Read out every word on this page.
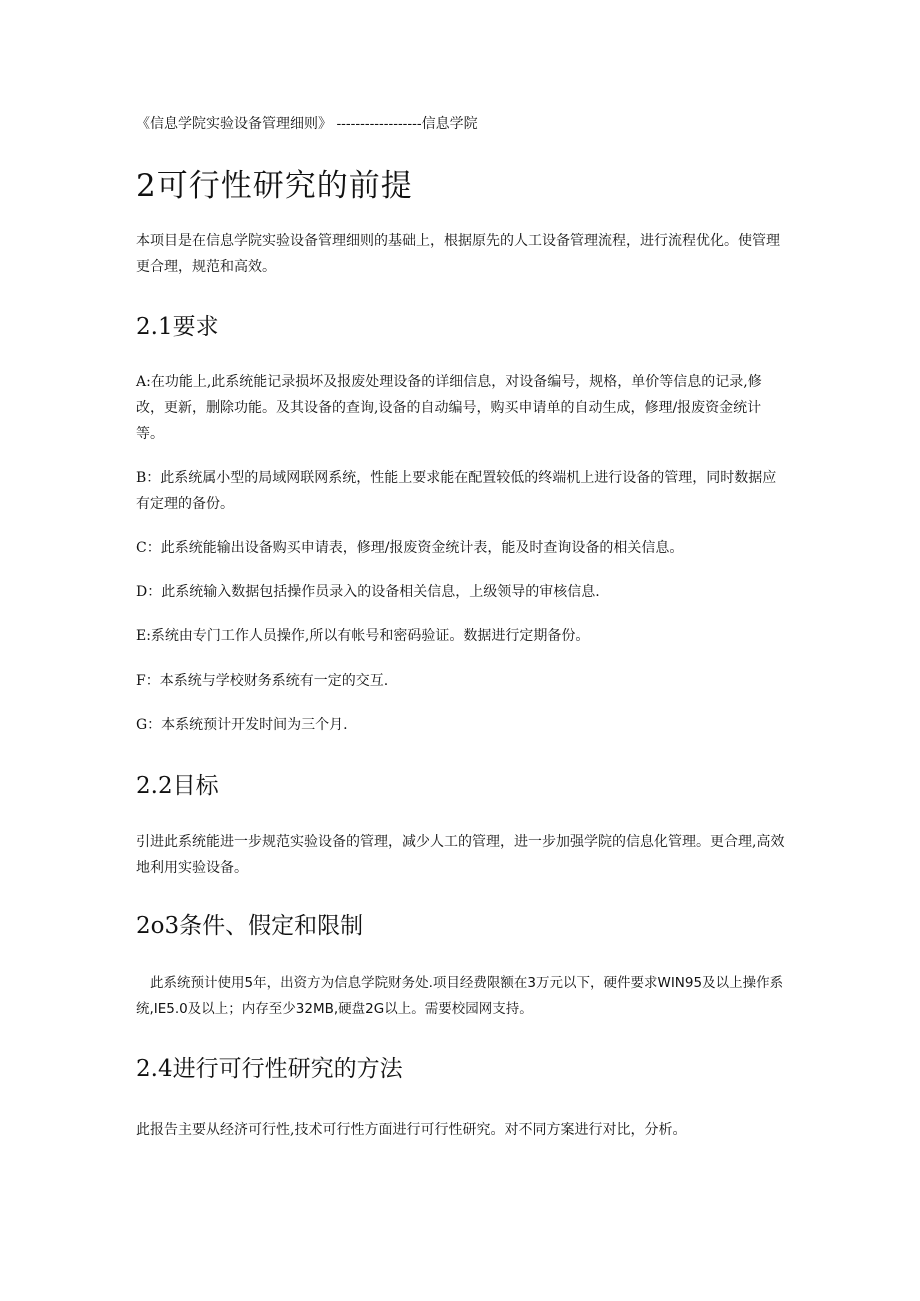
《信息学院实验设备管理细则》 ------------------信息学院

2可行性研究的前提

本项目是在信息学院实验设备管理细则的基础上，根据原先的人工设备管理流程，进行流程优化。使管理更合理，规范和高效。

2.1要求

A:在功能上,此系统能记录损坏及报废处理设备的详细信息，对设备编号，规格，单价等信息的记录,修改，更新，删除功能。及其设备的查询,设备的自动编号，购买申请单的自动生成，修理/报废资金统计等。

B：此系统属小型的局域网联网系统，性能上要求能在配置较低的终端机上进行设备的管理，同时数据应有定理的备份。

C：此系统能输出设备购买申请表，修理/报废资金统计表，能及时查询设备的相关信息。

D：此系统输入数据包括操作员录入的设备相关信息，上级领导的审核信息.

E:系统由专门工作人员操作,所以有帐号和密码验证。数据进行定期备份。

F：本系统与学校财务系统有一定的交互.

G：本系统预计开发时间为三个月.

2.2目标

引进此系统能进一步规范实验设备的管理，减少人工的管理，进一步加强学院的信息化管理。更合理,高效地利用实验设备。

2o3条件、假定和限制

此系统预计使用5年，出资方为信息学院财务处.项目经费限额在3万元以下，硬件要求WIN95及以上操作系统,IE5.0及以上；内存至少32MB,硬盘2G以上。需要校园网支持。

2.4进行可行性研究的方法

此报告主要从经济可行性,技术可行性方面进行可行性研究。对不同方案进行对比，分析。
